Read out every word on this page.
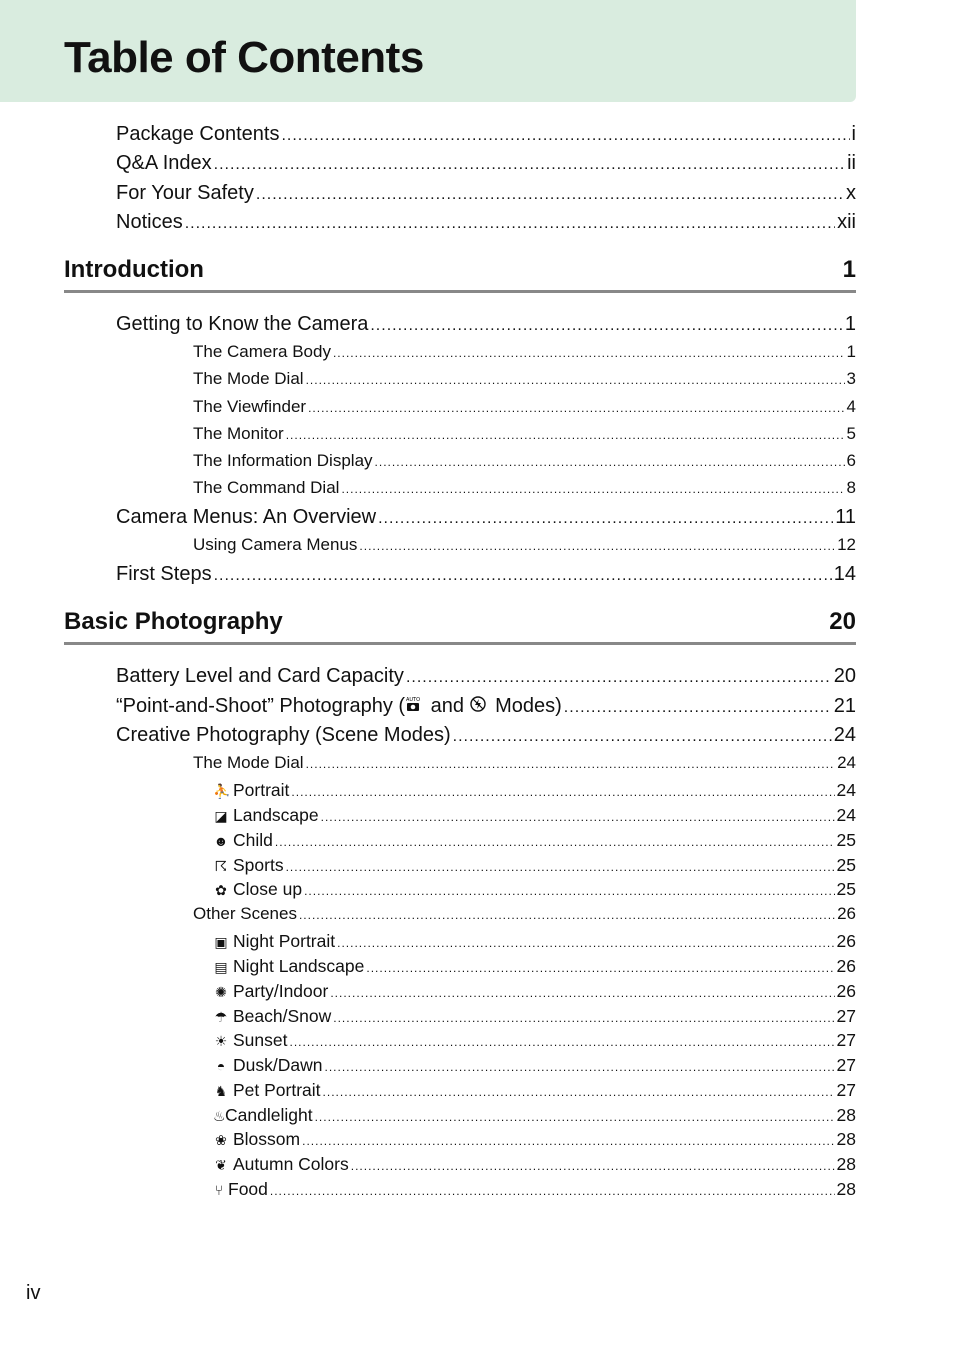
Table of Contents
Package Contents .....	i
Q&A Index .....	ii
For Your Safety .....	x
Notices .....	xii
Introduction	1
Getting to Know the Camera .....	1
The Camera Body .....	1
The Mode Dial .....	3
The Viewfinder .....	4
The Monitor .....	5
The Information Display .....	6
The Command Dial .....	8
Camera Menus: An Overview .....	11
Using Camera Menus .....	12
First Steps .....	14
Basic Photography	20
Battery Level and Card Capacity .....	20
“Point-and-Shoot” Photography ( AUTO and  Modes) .....	21
Creative Photography (Scene Modes) .....	24
The Mode Dial .....	24
⛹ Portrait .....	24
◪ Landscape .....	24
☻ Child .....	25
☈ Sports .....	25
✿ Close up .....	25
Other Scenes .....	26
▣ Night Portrait .....	26
▤ Night Landscape .....	26
✺ Party/Indoor .....	26
☂ Beach/Snow .....	27
☀ Sunset .....	27
◓ Dusk/Dawn .....	27
♞ Pet Portrait .....	27
♨Candlelight .....	28
❀ Blossom .....	28
❦ Autumn Colors .....	28
⑂ Food .....	28
iv
